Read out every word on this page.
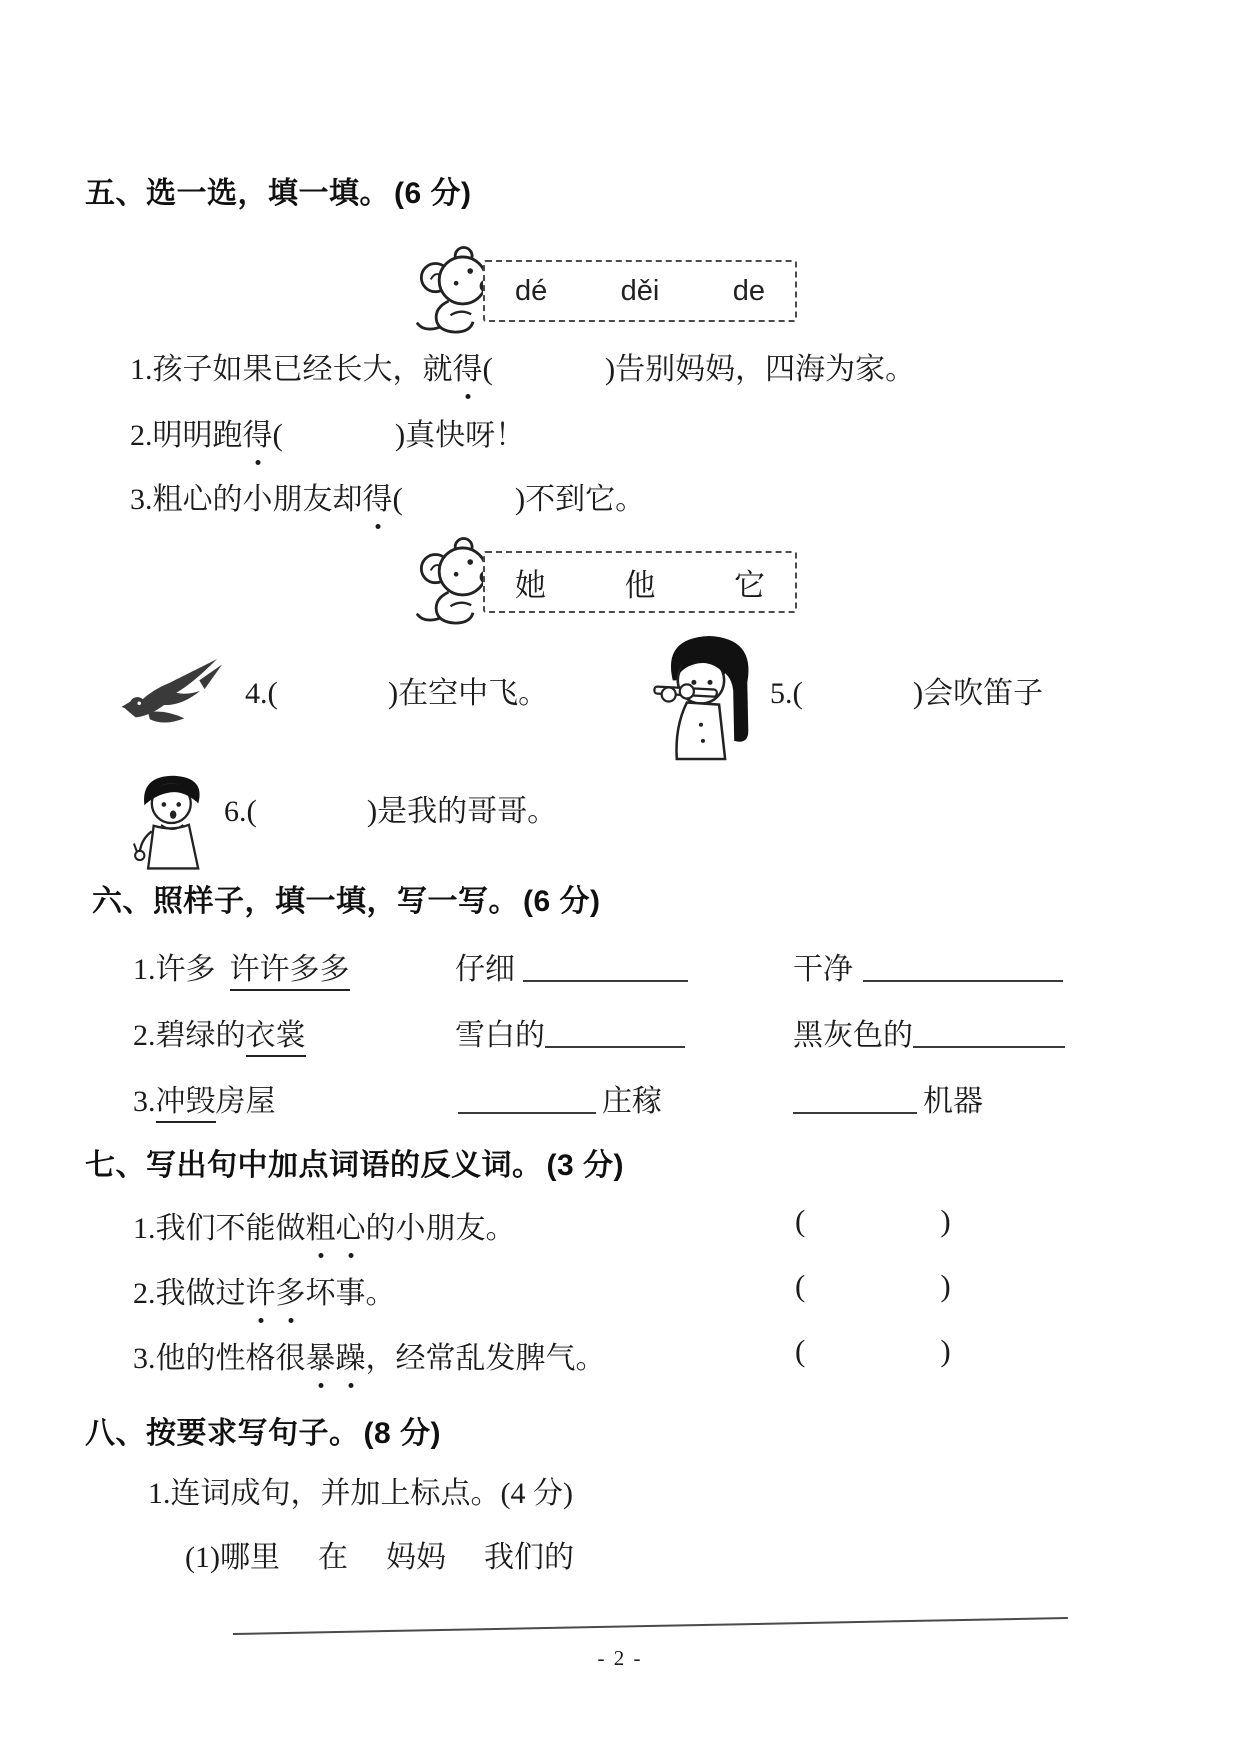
五、选一选，填一填。 (6 分)
dé	děi	de
1.孩子如果已经长大，就得(	)告别妈妈，四海为家。
2.明明跑得(	)真快呀！
3.粗心的小朋友却得(	)不到它。
她	他	它
4.(	)在空中飞。	5.(	)会吹笛子
6.(	)是我的哥哥。
六、照样子，填一填，写一写。 (6 分)
1.许多 许许多多	仔细	干净
2.碧绿的衣裳	雪白的	黑灰色的
3.冲毁房屋	庄稼	机器
七、写出句中加点词语的反义词。 (3 分)
1.我们不能做粗心的小朋友。	(	)
2.我做过许多坏事。	(	)
3.他的性格很暴躁，经常乱发脾气。	(	)
八、按要求写句子。 (8 分)
1.连词成句，并加上标点。(4 分)
(1)哪里 在 妈妈 我们的
- 2 -
